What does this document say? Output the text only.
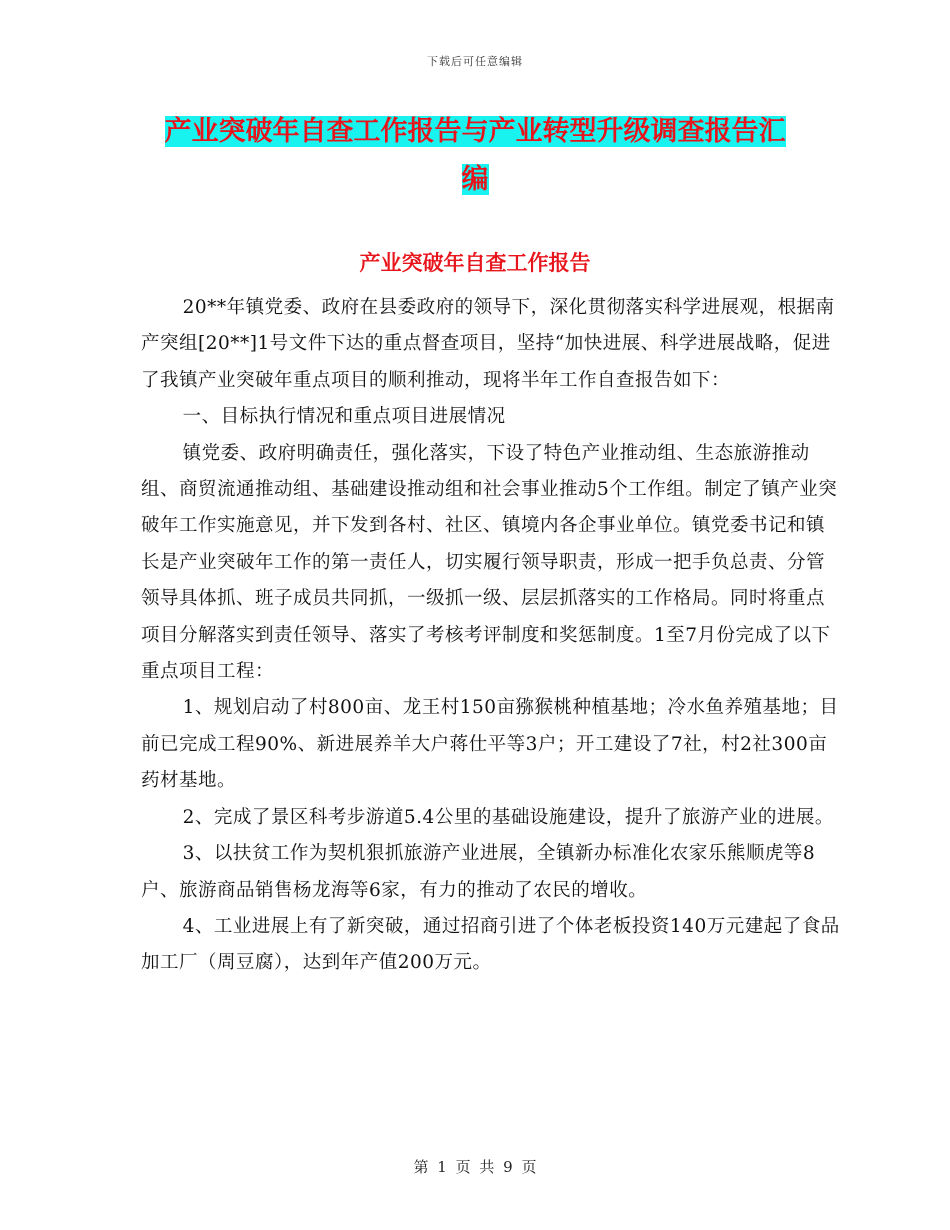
下载后可任意编辑
产业突破年自查工作报告与产业转型升级调查报告汇
编
产业突破年自查工作报告

20**年镇党委、政府在县委政府的领导下，深化贯彻落实科学进展观，根据南产突组[20**]1号文件下达的重点督查项目，坚持“加快进展、科学进展战略，促进了我镇产业突破年重点项目的顺利推动，现将半年工作自查报告如下：

一、目标执行情况和重点项目进展情况

镇党委、政府明确责任，强化落实，下设了特色产业推动组、生态旅游推动组、商贸流通推动组、基础建设推动组和社会事业推动5个工作组。制定了镇产业突破年工作实施意见，并下发到各村、社区、镇境内各企事业单位。镇党委书记和镇长是产业突破年工作的第一责任人，切实履行领导职责，形成一把手负总责、分管领导具体抓、班子成员共同抓，一级抓一级、层层抓落实的工作格局。同时将重点项目分解落实到责任领导、落实了考核考评制度和奖惩制度。1至7月份完成了以下重点项目工程：

1、规划启动了村800亩、龙王村150亩猕猴桃种植基地；冷水鱼养殖基地；目前已完成工程90%、新进展养羊大户蒋仕平等3户；开工建设了7社，村2社300亩药材基地。

2、完成了景区科考步游道5.4公里的基础设施建设，提升了旅游产业的进展。

3、以扶贫工作为契机狠抓旅游产业进展，全镇新办标准化农家乐熊顺虎等8户、旅游商品销售杨龙海等6家，有力的推动了农民的增收。

4、工业进展上有了新突破，通过招商引进了个体老板投资140万元建起了食品加工厂（周豆腐），达到年产值200万元。

第 1 页 共 9 页
